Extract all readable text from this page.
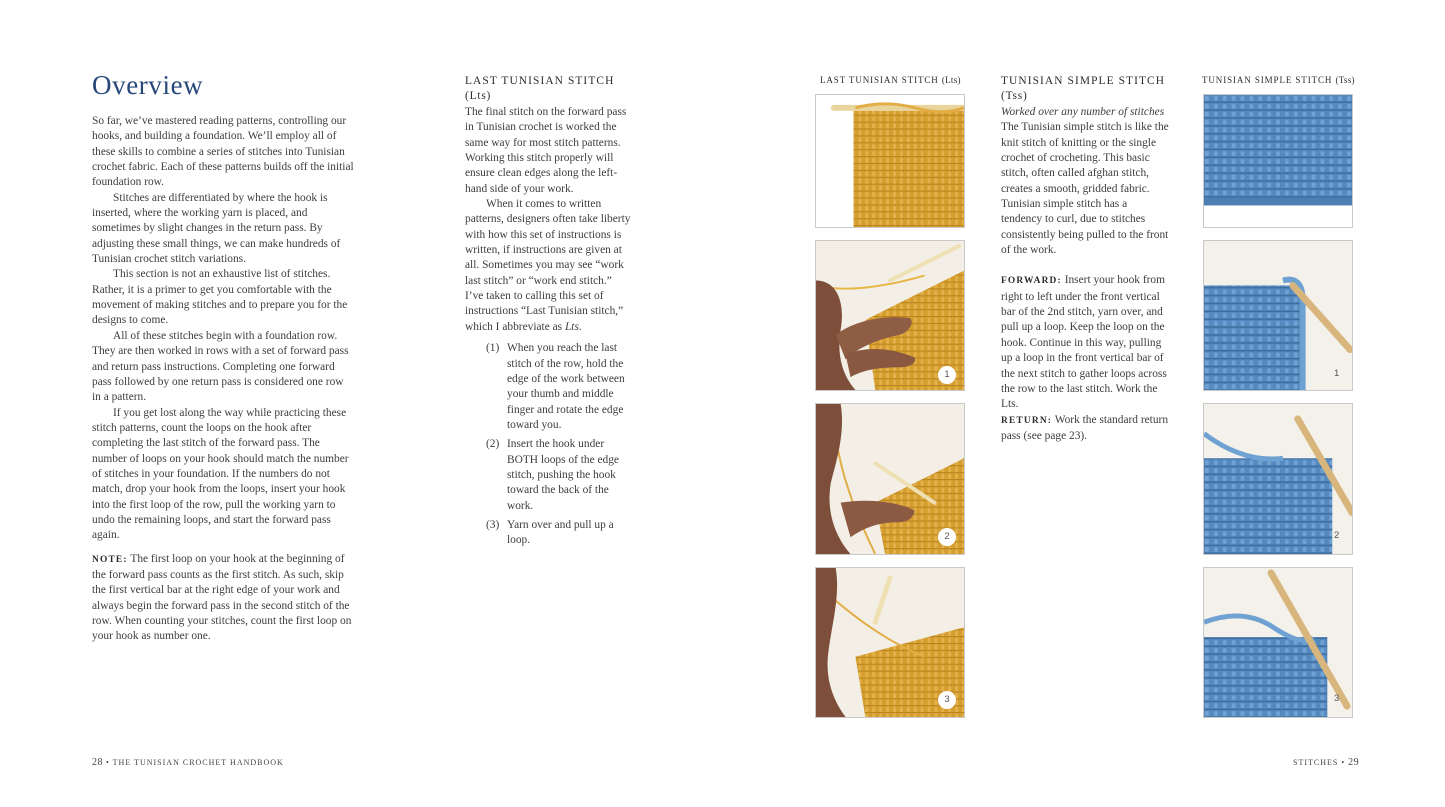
Overview

So far, we’ve mastered reading patterns, controlling our hooks, and building a foundation. We’ll employ all of these skills to combine a series of stitches into Tunisian crochet fabric. Each of these patterns builds off the initial foundation row.

Stitches are differentiated by where the hook is inserted, where the working yarn is placed, and sometimes by slight changes in the return pass. By adjusting these small things, we can make hundreds of Tunisian crochet stitch variations.

This section is not an exhaustive list of stitches. Rather, it is a primer to get you comfortable with the movement of making stitches and to prepare you for the designs to come.

All of these stitches begin with a foundation row. They are then worked in rows with a set of forward pass and return pass instructions. Completing one forward pass followed by one return pass is considered one row in a pattern.

If you get lost along the way while practicing these stitch patterns, count the loops on the hook after completing the last stitch of the forward pass. The number of loops on your hook should match the number of stitches in your foundation. If the numbers do not match, drop your hook from the loops, insert your hook into the first loop of the row, pull the working yarn to undo the remaining loops, and start the forward pass again.

NOTE: The first loop on your hook at the beginning of the forward pass counts as the first stitch. As such, skip the first vertical bar at the right edge of your work and always begin the forward pass in the second stitch of the row. When counting your stitches, count the first loop on your hook as number one.

28 • THE TUNISIAN CROCHET HANDBOOK
LAST TUNISIAN STITCH
(Lts)

The final stitch on the forward pass in Tunisian crochet is worked the same way for most stitch patterns. Working this stitch properly will ensure clean edges along the left-hand side of your work.

When it comes to written patterns, designers often take liberty with how this set of instructions is written, if instructions are given at all. Sometimes you may see “work last stitch” or “work end stitch.” I’ve taken to calling this set of instructions “Last Tunisian stitch,” which I abbreviate as Lts.

(1) When you reach the last stitch of the row, hold the edge of the work between your thumb and middle finger and rotate the edge toward you.
(2) Insert the hook under BOTH loops of the edge stitch, pushing the hook toward the back of the work.
(3) Yarn over and pull up a loop.
LAST TUNISIAN STITCH (Lts)
1
2
3
TUNISIAN SIMPLE STITCH
(Tss)

Worked over any number of stitches

The Tunisian simple stitch is like the knit stitch of knitting or the single crochet of crocheting. This basic stitch, often called afghan stitch, creates a smooth, gridded fabric. Tunisian simple stitch has a tendency to curl, due to stitches consistently being pulled to the front of the work.

FORWARD: Insert your hook from right to left under the front vertical bar of the 2nd stitch, yarn over, and pull up a loop. Keep the loop on the hook. Continue in this way, pulling up a loop in the front vertical bar of the next stitch to gather loops across the row to the last stitch. Work the Lts.

RETURN: Work the standard return pass (see page 23).

TUNISIAN SIMPLE STITCH (Tss)
1
2
3
STITCHES • 29
